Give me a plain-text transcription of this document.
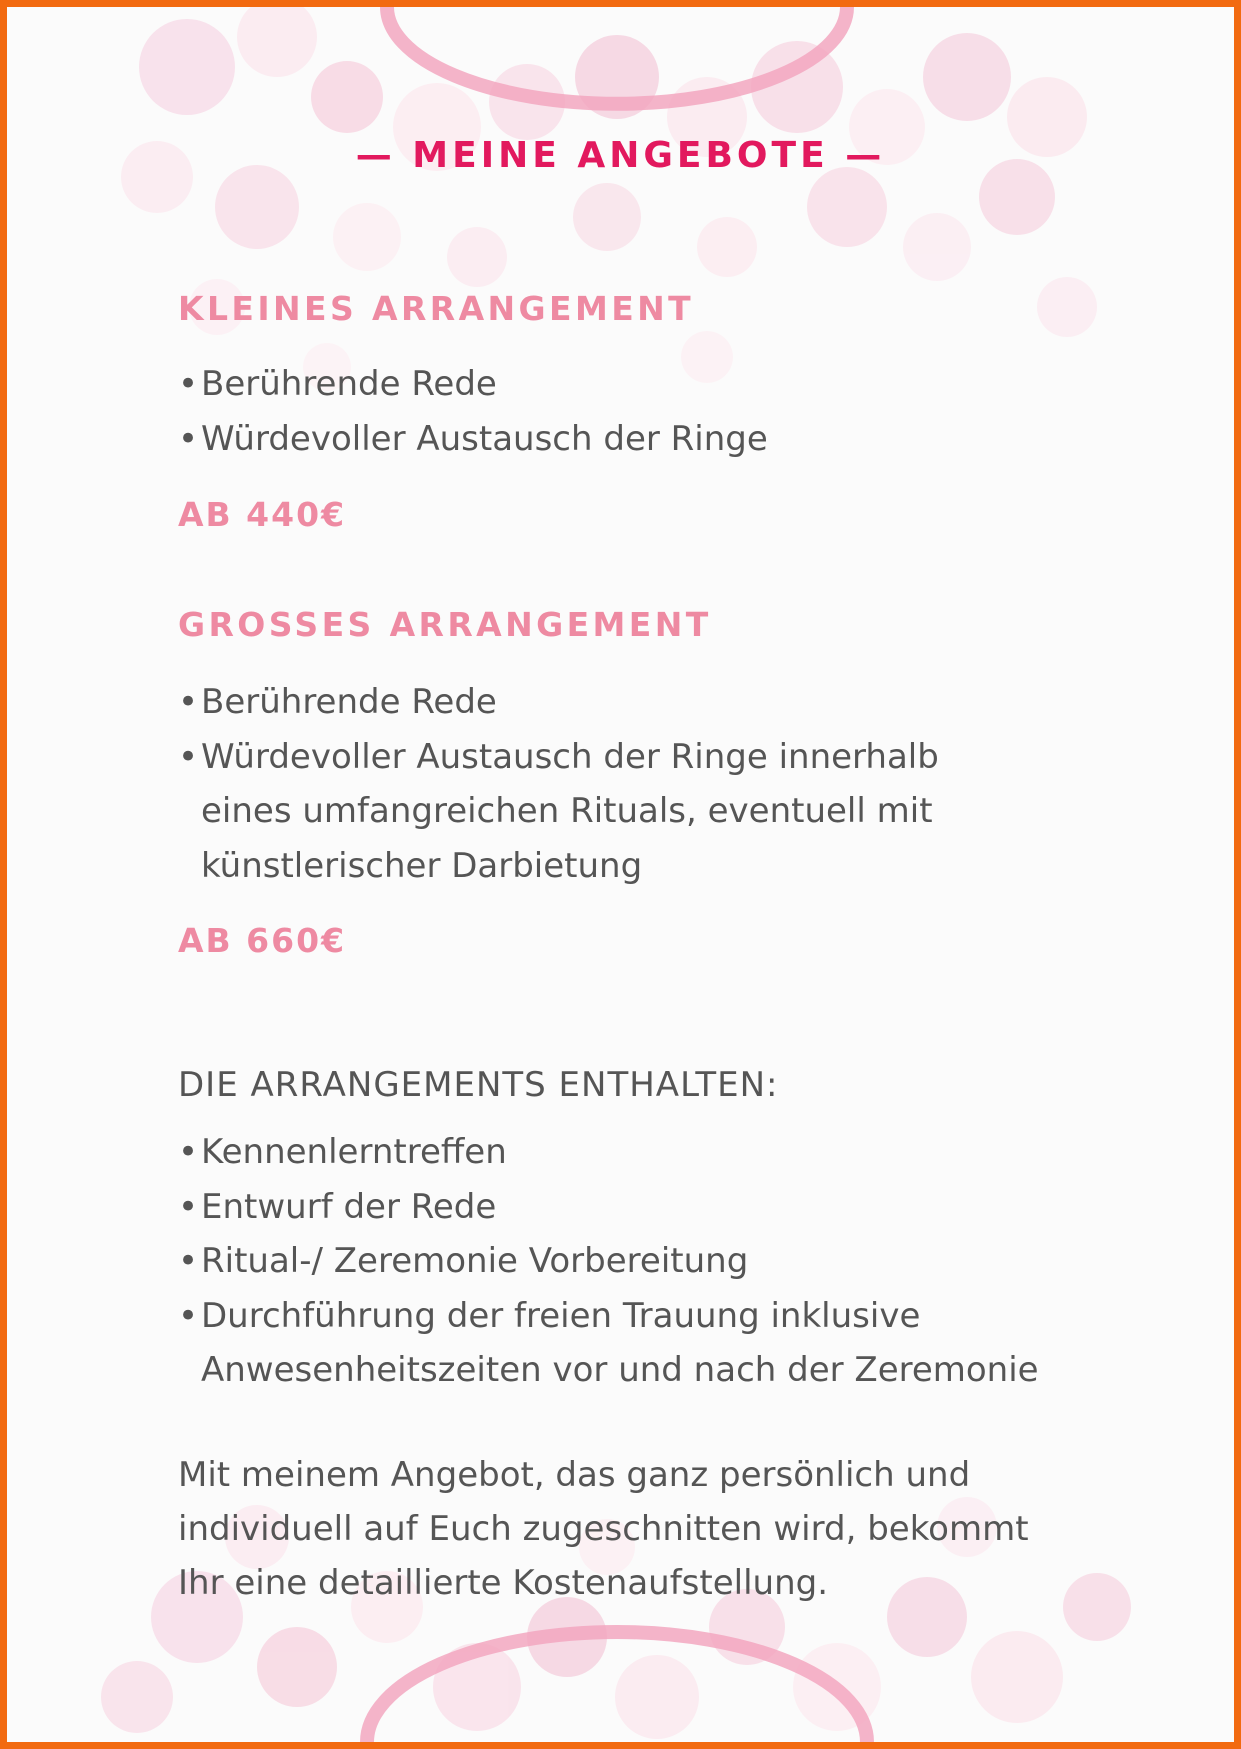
— MEINE ANGEBOTE —
KLEINES ARRANGEMENT
• Berührende Rede
• Würdevoller Austausch der Ringe
AB 440€
GROSSES ARRANGEMENT
• Berührende Rede
• Würdevoller Austausch der Ringe innerhalb eines umfangreichen Rituals, eventuell mit künstlerischer Darbietung
AB 660€
DIE ARRANGEMENTS ENTHALTEN:
• Kennenlerntreffen
• Entwurf der Rede
• Ritual-/ Zeremonie Vorbereitung
• Durchführung der freien Trauung inklusive Anwesenheitszeiten vor und nach der Zeremonie

Mit meinem Angebot, das ganz persönlich und individuell auf Euch zugeschnitten wird, bekommt Ihr eine detaillierte Kostenaufstellung.
